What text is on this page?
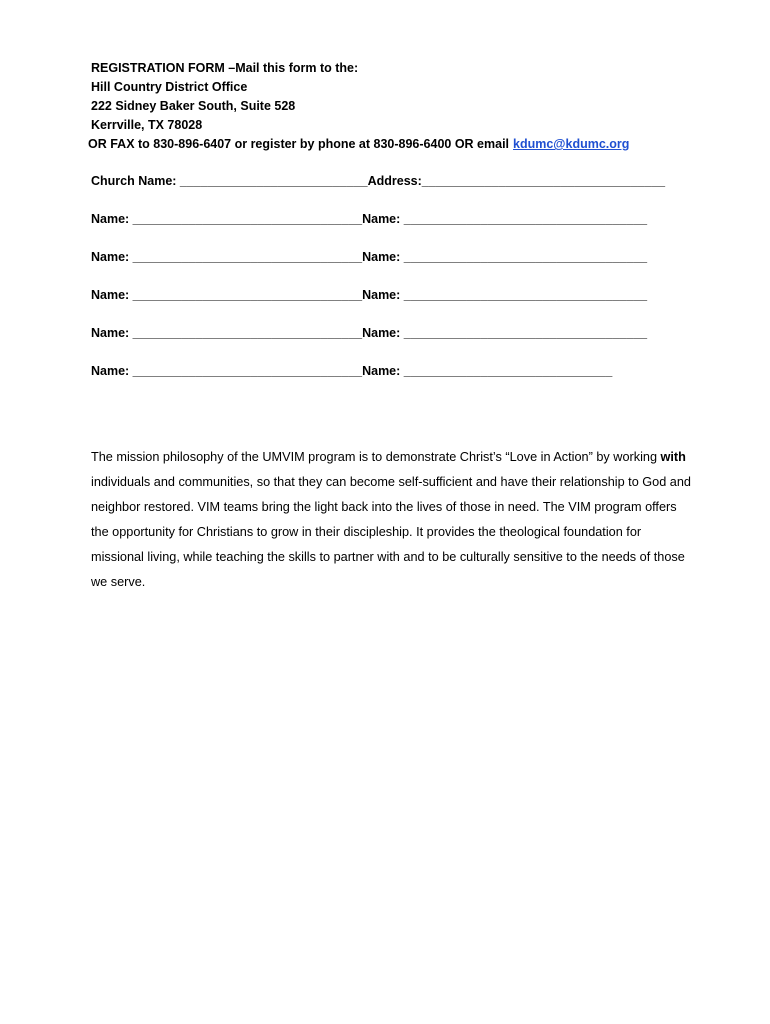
REGISTRATION FORM –Mail this form to the:
Hill Country District Office
222 Sidney Baker South, Suite 528
Kerrville, TX 78028
OR FAX to 830-896-6407 or register by phone at 830-896-6400 OR email kdumc@kdumc.org
Church Name: ___________________________Address:___________________________________
Name: _________________________________Name: ___________________________________
Name: _________________________________Name: ___________________________________
Name: _________________________________Name: ___________________________________
Name: _________________________________Name: ___________________________________
Name: _________________________________Name: ______________________________
The mission philosophy of the UMVIM program is to demonstrate Christ’s “Love in Action” by working with individuals and communities, so that they can become self-sufficient and have their relationship to God and neighbor restored. VIM teams bring the light back into the lives of those in need. The VIM program offers the opportunity for Christians to grow in their discipleship. It provides the theological foundation for missional living, while teaching the skills to partner with and to be culturally sensitive to the needs of those we serve.
